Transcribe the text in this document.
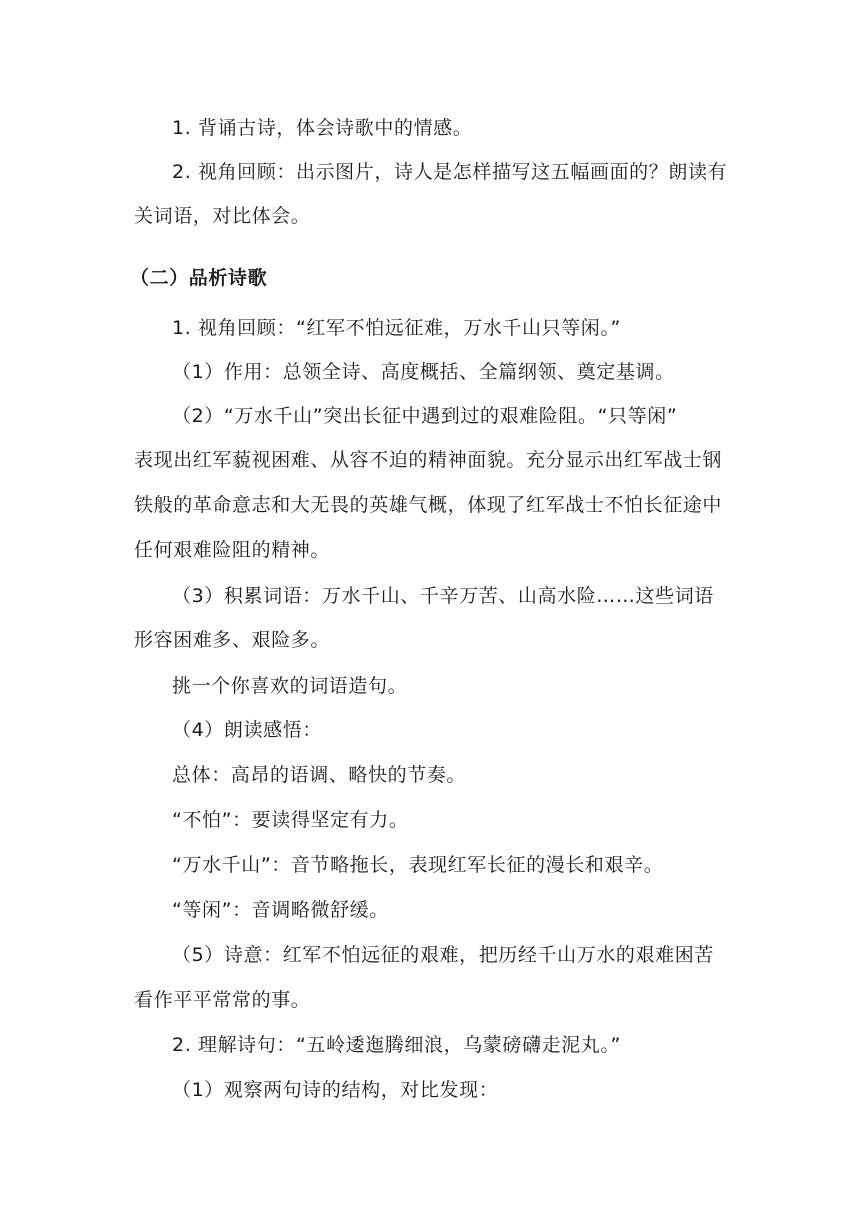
1. 背诵古诗，体会诗歌中的情感。
2. 视角回顾：出示图片，诗人是怎样描写这五幅画面的？朗读有
关词语，对比体会。
（二）品析诗歌
1. 视角回顾：“红军不怕远征难，万水千山只等闲。”
（1）作用：总领全诗、高度概括、全篇纲领、奠定基调。
（2）“万水千山”突出长征中遇到过的艰难险阻。“只等闲”
表现出红军藐视困难、从容不迫的精神面貌。充分显示出红军战士钢
铁般的革命意志和大无畏的英雄气概，体现了红军战士不怕长征途中
任何艰难险阻的精神。
（3）积累词语：万水千山、千辛万苦、山高水险……这些词语
形容困难多、艰险多。
挑一个你喜欢的词语造句。
（4）朗读感悟：
总体：高昂的语调、略快的节奏。
“不怕”：要读得坚定有力。
“万水千山”：音节略拖长，表现红军长征的漫长和艰辛。
“等闲”：音调略微舒缓。
（5）诗意：红军不怕远征的艰难，把历经千山万水的艰难困苦
看作平平常常的事。
2. 理解诗句：“五岭逶迤腾细浪，乌蒙磅礴走泥丸。”
（1）观察两句诗的结构，对比发现：
